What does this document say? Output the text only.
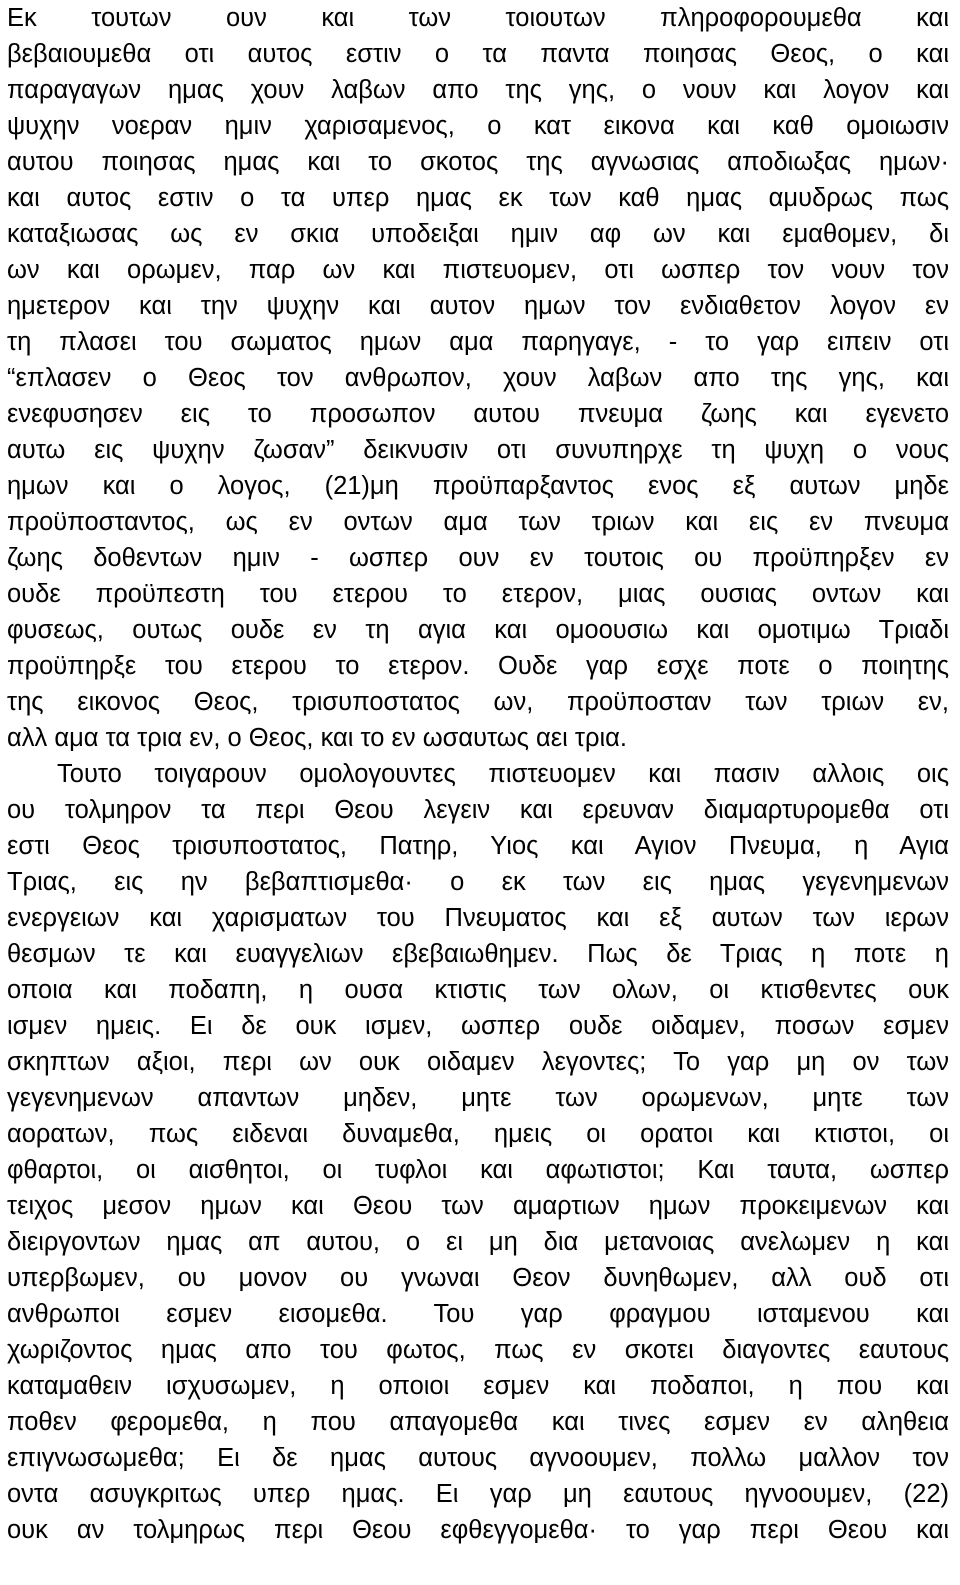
Εκ τουτων ουν και των τοιουτων πληροφορουμεθα και
βεβαιουμεθα οτι αυτος εστιν ο τα παντα ποιησας Θεος, ο και
παραγαγων ημας χουν λαβων απο της γης, ο νουν και λογον και
ψυχην νοεραν ημιν χαρισαμενος, ο κατ εικονα και καθ ομοιωσιν
αυτου ποιησας ημας και το σκοτος της αγνωσιας αποδιωξας ημων·
και αυτος εστιν ο τα υπερ ημας εκ των καθ ημας αμυδρως πως
καταξιωσας ως εν σκια υποδειξαι ημιν αφ ων και εμαθομεν, δι
ων και ορωμεν, παρ ων και πιστευομεν, οτι ωσπερ τον νουν τον
ημετερον και την ψυχην και αυτον ημων τον ενδιαθετον λογον εν
τη πλασει του σωματος ημων αμα παρηγαγε, - το γαρ ειπειν οτι
“επλασεν ο Θεος τον ανθρωπον, χουν λαβων απο της γης, και
ενεφυσησεν εις το προσωπον αυτου πνευμα ζωης και εγενετο
αυτω εις ψυχην ζωσαν” δεικνυσιν οτι συνυπηρχε τη ψυχη ο νους
ημων και ο λογος, (21)μη προϋπαρξαντος ενος εξ αυτων μηδε
προϋποσταντος, ως εν οντων αμα των τριων και εις εν πνευμα
ζωης δοθεντων ημιν - ωσπερ ουν εν τουτοις ου προϋπηρξεν εν
ουδε προϋπεστη του ετερου το ετερον, μιας ουσιας οντων και
φυσεως, ουτως ουδε εν τη αγια και ομοουσιω και ομοτιμω Τριαδι
προϋπηρξε του ετερου το ετερον. Ουδε γαρ εσχε ποτε ο ποιητης
της εικονος Θεος, τρισυποστατος ων, προϋποσταν των τριων εν,
αλλ αμα τα τρια εν, ο Θεος, και το εν ωσαυτως αει τρια.
Τουτο τοιγαρουν ομολογουντες πιστευομεν και πασιν αλλοις οις
ου τολμηρον τα περι Θεου λεγειν και ερευναν διαμαρτυρομεθα οτι
εστι Θεος τρισυποστατος, Πατηρ, Υιος και Αγιον Πνευμα, η Αγια
Τριας, εις ην βεβαπτισμεθα· ο εκ των εις ημας γεγενημενων
ενεργειων και χαρισματων του Πνευματος και εξ αυτων των ιερων
θεσμων τε και ευαγγελιων εβεβαιωθημεν. Πως δε Τριας η ποτε η
οποια και ποδαπη, η ουσα κτιστις των ολων, οι κτισθεντες ουκ
ισμεν ημεις. Ει δε ουκ ισμεν, ωσπερ ουδε οιδαμεν, ποσων εσμεν
σκηπτων αξιοι, περι ων ουκ οιδαμεν λεγοντες; Το γαρ μη ον των
γεγενημενων απαντων μηδεν, μητε των ορωμενων, μητε των
αορατων, πως ειδεναι δυναμεθα, ημεις οι ορατοι και κτιστοι, οι
φθαρτοι, οι αισθητοι, οι τυφλοι και αφωτιστοι; Και ταυτα, ωσπερ
τειχος μεσον ημων και Θεου των αμαρτιων ημων προκειμενων και
διειργοντων ημας απ αυτου, ο ει μη δια μετανοιας ανελωμεν η και
υπερβωμεν, ου μονον ου γνωναι Θεον δυνηθωμεν, αλλ ουδ οτι
ανθρωποι εσμεν εισομεθα. Του γαρ φραγμου ισταμενου και
χωριζοντος ημας απο του φωτος, πως εν σκοτει διαγοντες εαυτους
καταμαθειν ισχυσωμεν, η οποιοι εσμεν και ποδαποι, η που και
ποθεν φερομεθα, η που απαγομεθα και τινες εσμεν εν αληθεια
επιγνωσωμεθα; Ει δε ημας αυτους αγνοουμεν, πολλω μαλλον τον
οντα ασυγκριτως υπερ ημας. Ει γαρ μη εαυτους ηγνοουμεν, (22)
ουκ αν τολμηρως περι Θεου εφθεγγομεθα· το γαρ περι Θεου και
